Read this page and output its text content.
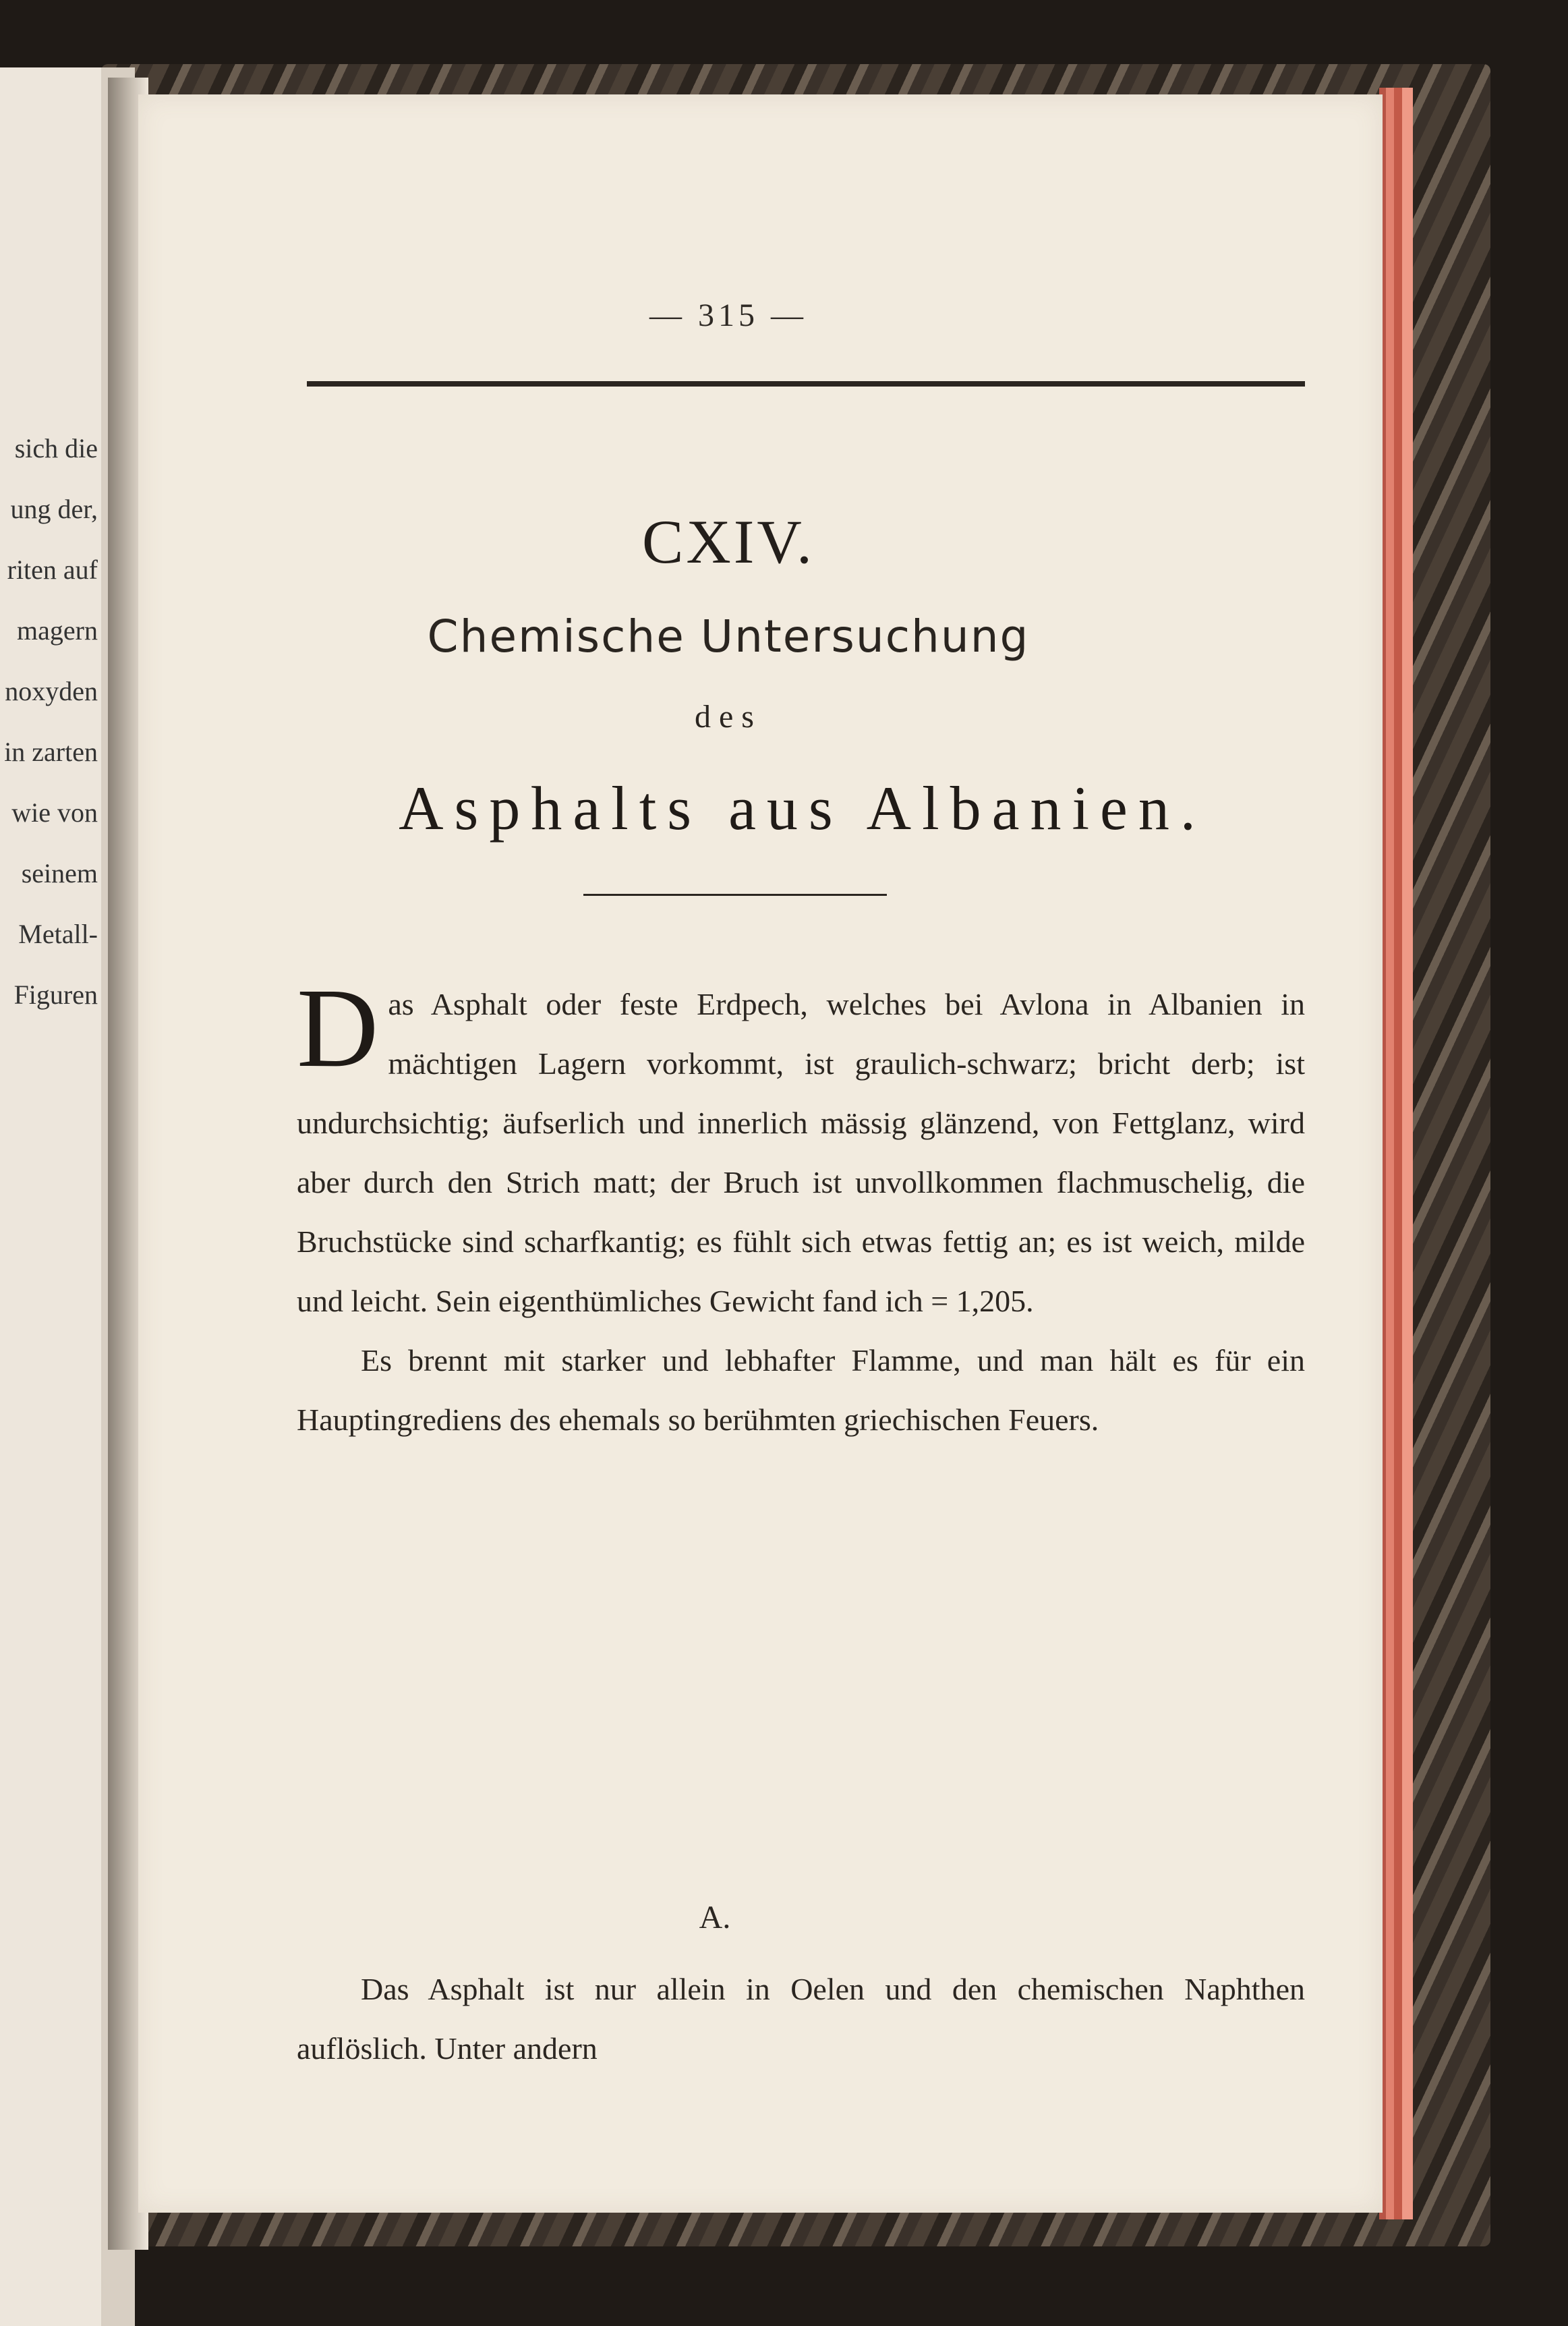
sich die
ung der,
riten auf
magern
noxyden
in zarten
wie von
seinem
Metall-
Figuren
— 315 —
CXIV.
Chemische Untersuchung
des
Asphalts aus Albanien.

Das Asphalt oder feste Erdpech, welches bei Avlona in Albanien in mächtigen Lagern vorkommt, ist graulich-schwarz; bricht derb; ist undurchsichtig; äufserlich und innerlich mässig glänzend, von Fettglanz, wird aber durch den Strich matt; der Bruch ist unvollkommen flachmuschelig, die Bruchstücke sind scharfkantig; es fühlt sich etwas fettig an; es ist weich, milde und leicht. Sein eigenthümliches Gewicht fand ich = 1,205.

Es brennt mit starker und lebhafter Flamme, und man hält es für ein Hauptingrediens des ehemals so berühmten griechischen Feuers.

A.

Das Asphalt ist nur allein in Oelen und den chemischen Naphthen auflöslich. Unter andern
